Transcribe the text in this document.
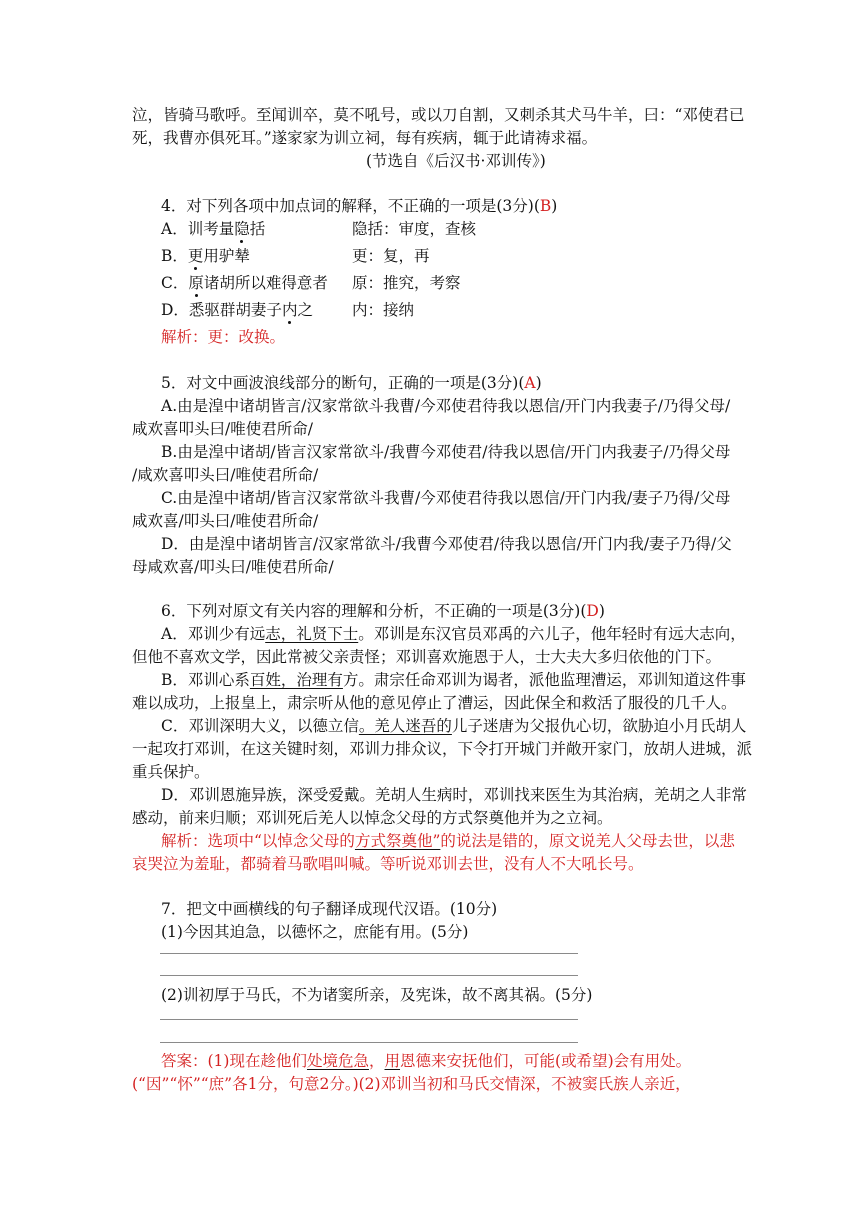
泣，皆骑马歌呼。至闻训卒，莫不吼号，或以刀自割，又刺杀其犬马牛羊，曰：“邓使君已
死，我曹亦俱死耳。”遂家家为训立祠，每有疾病，辄于此请祷求福。
(节选自《后汉书·邓训传》)
4．对下列各项中加点词的解释，不正确的一项是(3分)(B)
A．训考量隐括	隐括：审度，查核
B．更用驴辇	更：复，再
C．原诸胡所以难得意者 原：推究，考察
D．悉驱群胡妻子内之	内：接纳
解析：更：改换。
5．对文中画波浪线部分的断句，正确的一项是(3分)(A)
A.由是湟中诸胡皆言/汉家常欲斗我曹/今邓使君待我以恩信/开门内我妻子/乃得父母/
咸欢喜叩头曰/唯使君所命/
B.由是湟中诸胡/皆言汉家常欲斗/我曹今邓使君/待我以恩信/开门内我妻子/乃得父母
/咸欢喜叩头曰/唯使君所命/
C.由是湟中诸胡/皆言汉家常欲斗我曹/今邓使君待我以恩信/开门内我/妻子乃得/父母
咸欢喜/叩头曰/唯使君所命/
D．由是湟中诸胡皆言/汉家常欲斗/我曹今邓使君/待我以恩信/开门内我/妻子乃得/父
母咸欢喜/叩头曰/唯使君所命/
6．下列对原文有关内容的理解和分析，不正确的一项是(3分)(D)
A．邓训少有远志，礼贤下士。邓训是东汉官员邓禹的六儿子，他年轻时有远大志向，
但他不喜欢文学，因此常被父亲责怪；邓训喜欢施恩于人，士大夫大多归依他的门下。
B．邓训心系百姓，治理有方。肃宗任命邓训为谒者，派他监理漕运，邓训知道这件事
难以成功，上报皇上，肃宗听从他的意见停止了漕运，因此保全和救活了服役的几千人。
C．邓训深明大义，以德立信。羌人迷吾的儿子迷唐为父报仇心切，欲胁迫小月氏胡人
一起攻打邓训，在这关键时刻，邓训力排众议，下令打开城门并敞开家门，放胡人进城，派
重兵保护。
D．邓训恩施异族，深受爱戴。羌胡人生病时，邓训找来医生为其治病，羌胡之人非常
感动，前来归顺；邓训死后羌人以悼念父母的方式祭奠他并为之立祠。
解析：选项中“以悼念父母的方式祭奠他”的说法是错的，原文说羌人父母去世，以悲
哀哭泣为羞耻，都骑着马歌唱叫喊。等听说邓训去世，没有人不大吼长号。
7．把文中画横线的句子翻译成现代汉语。(10分)
(1)今因其迫急，以德怀之，庶能有用。(5分)
(2)训初厚于马氏，不为诸窦所亲，及宪诛，故不离其祸。(5分)
答案：(1)现在趁他们处境危急，用恩德来安抚他们，可能(或希望)会有用处。
(“因”“怀”“庶”各1分，句意2分。)(2)邓训当初和马氏交情深，不被窦氏族人亲近，
